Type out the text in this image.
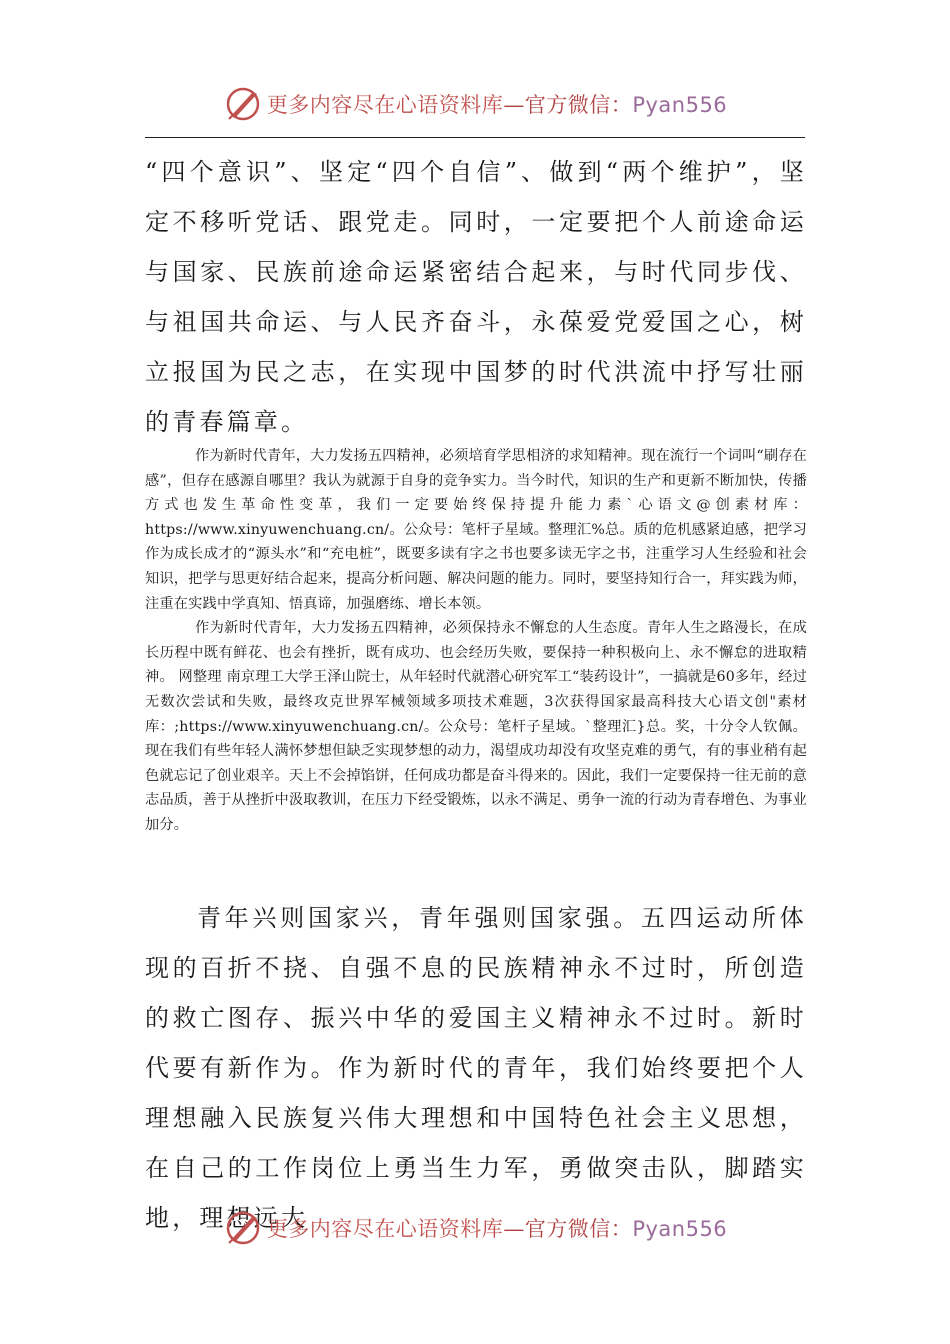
更多内容尽在心语资料库—官方微信：Pyan556
“四个意识”、坚定“四个自信”、做到“两个维护”，坚定不移听党话、跟党走。同时，一定要把个人前途命运与国家、民族前途命运紧密结合起来，与时代同步伐、与祖国共命运、与人民齐奋斗，永葆爱党爱国之心，树立报国为民之志，在实现中国梦的时代洪流中抒写壮丽的青春篇章。

作为新时代青年，大力发扬五四精神，必须培育学思相济的求知精神。现在流行一个词叫“刷存在感”，但存在感源自哪里？我认为就源于自身的竞争实力。当今时代，知识的生产和更新不断加快，传播方式也发生革命性变革，我们一定要始终保持提升能力素`心语文@创素材库：https://www.xinyuwenchuang.cn/。公众号：笔杆子星域。整理汇%总。质的危机感紧迫感，把学习作为成长成才的“源头水”和“充电桩”，既要多读有字之书也要多读无字之书，注重学习人生经验和社会知识，把学与思更好结合起来，提高分析问题、解决问题的能力。同时，要坚持知行合一，拜实践为师，注重在实践中学真知、悟真谛，加强磨练、增长本领。

作为新时代青年，大力发扬五四精神，必须保持永不懈怠的人生态度。青年人生之路漫长，在成长历程中既有鲜花、也会有挫折，既有成功、也会经历失败，要保持一种积极向上、永不懈怠的进取精神。 网整理 南京理工大学王泽山院士，从年轻时代就潜心研究军工“装药设计”，一搞就是60多年，经过无数次尝试和失败，最终攻克世界军械领域多项技术难题，3次获得国家最高科技大心语文创"素材库：;https://www.xinyuwenchuang.cn/。公众号：笔杆子星域。`整理汇}总。奖，十分令人钦佩。现在我们有些年轻人满怀梦想但缺乏实现梦想的动力，渴望成功却没有攻坚克难的勇气，有的事业稍有起色就忘记了创业艰辛。天上不会掉馅饼，任何成功都是奋斗得来的。因此，我们一定要保持一往无前的意志品质，善于从挫折中汲取教训，在压力下经受锻炼，以永不满足、勇争一流的行动为青春增色、为事业加分。

青年兴则国家兴，青年强则国家强。五四运动所体现的百折不挠、自强不息的民族精神永不过时，所创造的救亡图存、振兴中华的爱国主义精神永不过时。新时代要有新作为。作为新时代的青年，我们始终要把个人理想融入民族复兴伟大理想和中国特色社会主义思想，在自己的工作岗位上勇当生力军，勇做突击队，脚踏实地，理想远大
更多内容尽在心语资料库—官方微信：Pyan556
